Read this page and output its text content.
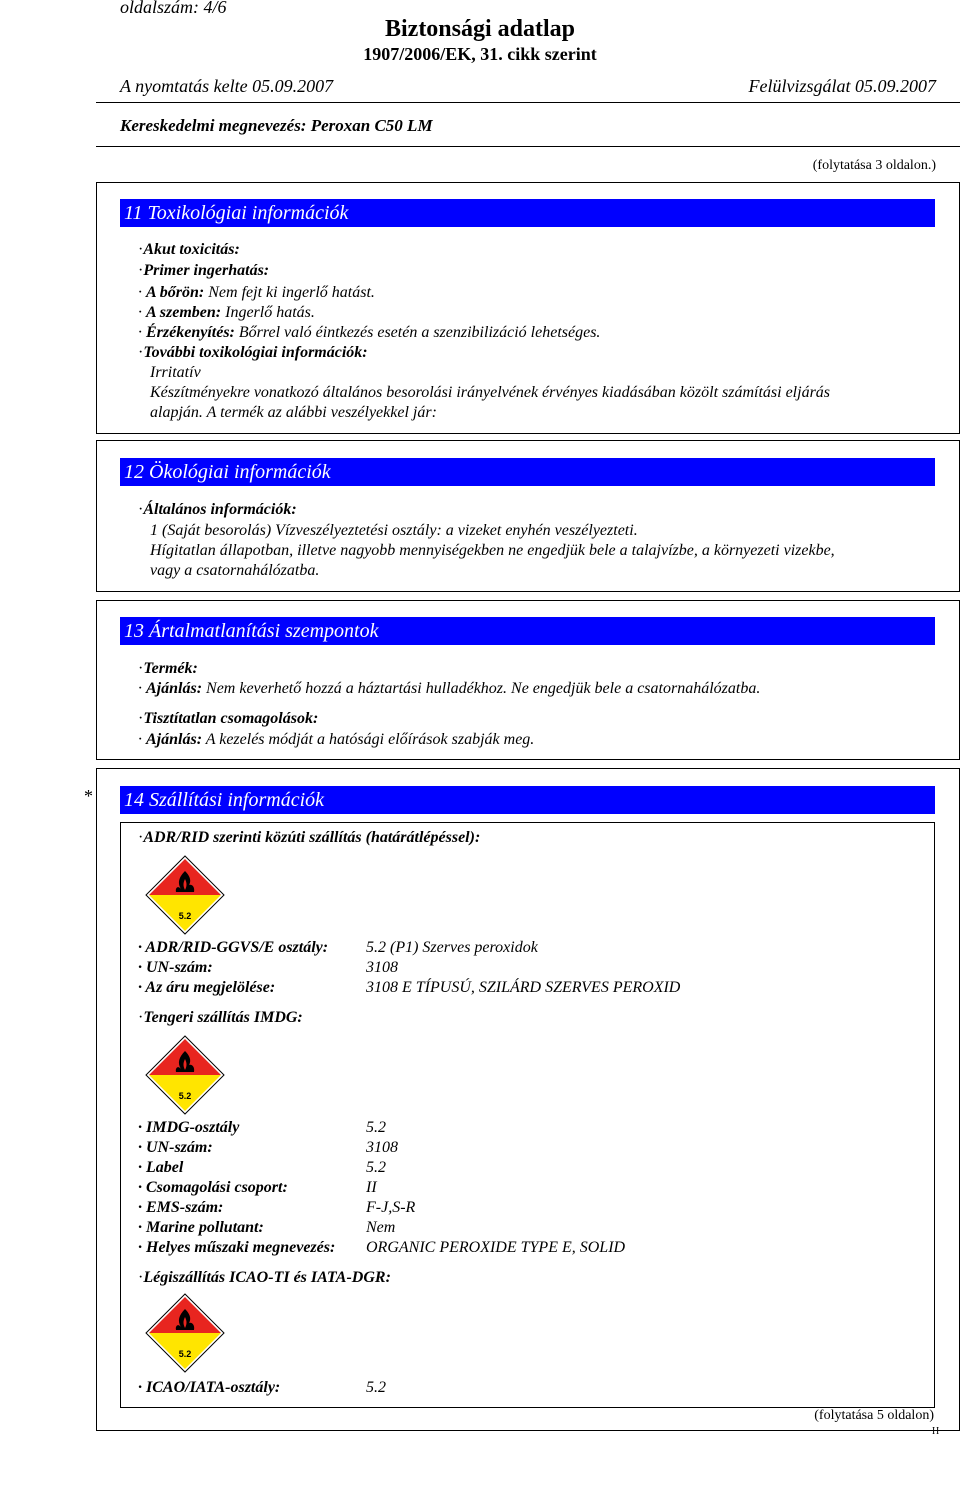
oldalszám: 4/6
Biztonsági adatlap
1907/2006/EK, 31. cikk szerint
A nyomtatás kelte 05.09.2007	Felülvizsgálat 05.09.2007
Kereskedelmi megnevezés: Peroxan C50 LM
(folytatása 3 oldalon.)
11 Toxikológiai információk
· Akut toxicitás:
· Primer ingerhatás:
· A bőrön: Nem fejt ki ingerlő hatást.
· A szemben: Ingerlő hatás.
· Érzékenyítés: Bőrrel való éintkezés esetén a szenzibilizáció lehetséges.
· További toxikológiai információk:
Irritatív
Készítményekre vonatkozó általános besorolási irányelvének érvényes kiadásában közölt számítási eljárás
alapján. A termék az alábbi veszélyekkel jár:
12 Ökológiai információk
· Általános információk:
1 (Saját besorolás) Vízveszélyeztetési osztály: a vizeket enyhén veszélyezteti.
Hígitatlan állapotban, illetve nagyobb mennyiségekben ne engedjük bele a talajvízbe, a környezeti vizekbe,
vagy a csatornahálózatba.
13 Ártalmatlanítási szempontok
· Termék:
· Ajánlás: Nem keverhető hozzá a háztartási hulladékhoz. Ne engedjük bele a csatornahálózatba.
· Tisztítatlan csomagolások:
· Ajánlás: A kezelés módját a hatósági előírások szabják meg.
* 14 Szállítási információk
· ADR/RID szerinti közúti szállítás (határátlépéssel):
5.2
· ADR/RID-GGVS/E osztály: 5.2 (P1) Szerves peroxidok
· UN-szám:	3108
· Az áru megjelölése:	3108 E TÍPUSÚ, SZILÁRD SZERVES PEROXID
· Tengeri szállítás IMDG:
5.2
· IMDG-osztály	5.2
· UN-szám:	3108
· Label	5.2
· Csomagolási csoport:	II
· EMS-szám:	F-J,S-R
· Marine pollutant:	Nem
· Helyes műszaki megnevezés: ORGANIC PEROXIDE TYPE E, SOLID
· Légiszállítás ICAO-TI és IATA-DGR:
5.2
· ICAO/IATA-osztály:	5.2
(folytatása 5 oldalon)
H
